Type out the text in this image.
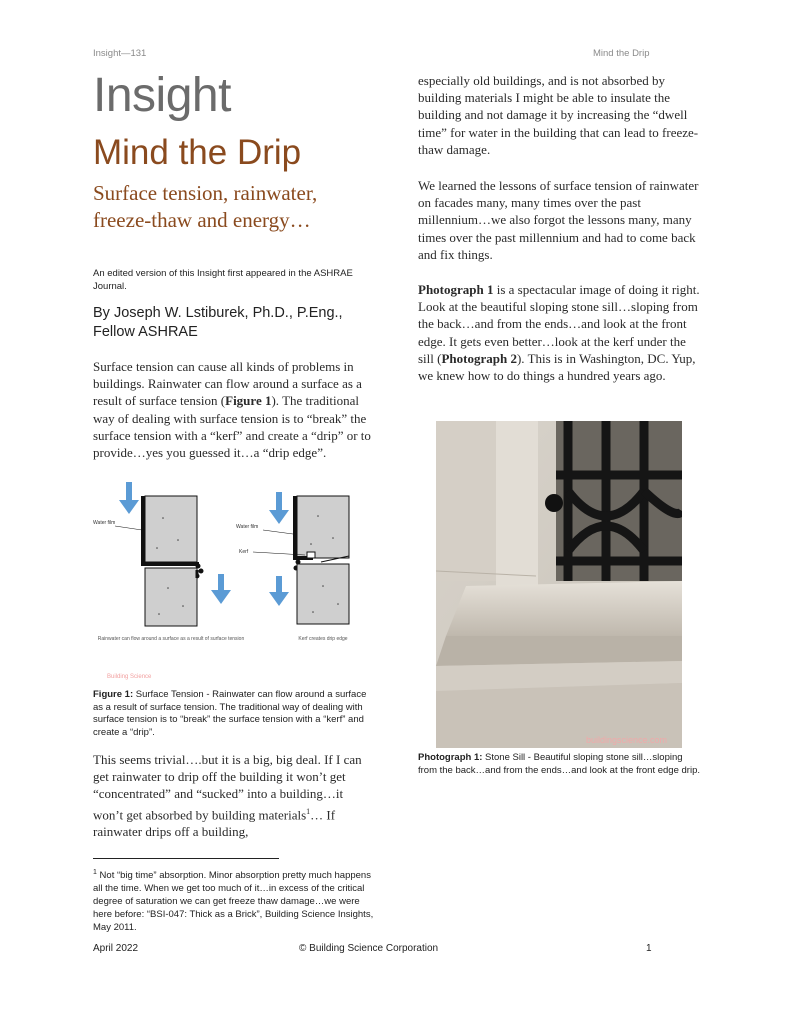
Insight—131	Mind the Drip
Insight
Mind the Drip
Surface tension, rainwater, freeze-thaw and energy…
An edited version of this Insight first appeared in the ASHRAE Journal.
By Joseph W. Lstiburek, Ph.D., P.Eng., Fellow ASHRAE

Surface tension can cause all kinds of problems in buildings. Rainwater can flow around a surface as a result of surface tension (Figure 1). The traditional way of dealing with surface tension is to “break” the surface tension with a “kerf” and create a “drip” or to provide…yes you guessed it…a “drip edge”.

Water film
Water film
Kerf
Rainwater can flow around a surface as a result of surface tension	Kerf creates drip edge
Building Science

Figure 1: Surface Tension - Rainwater can flow around a surface as a result of surface tension. The traditional way of dealing with surface tension is to “break” the surface tension with a “kerf” and create a “drip”.

This seems trivial….but it is a big, big deal. If I can get rainwater to drip off the building it won’t get “concentrated” and “sucked” into a building…it won’t get absorbed by building materials$^1$… If rainwater drips off a building,

$^1$ Not “big time” absorption. Minor absorption pretty much happens all the time. When we get too much of it…in excess of the critical degree of saturation we can get freeze thaw damage…we were here before: “BSI-047: Thick as a Brick”, Building Science Insights, May 2011.

especially old buildings, and is not absorbed by building materials I might be able to insulate the building and not damage it by increasing the “dwell time” for water in the building that can lead to freeze-thaw damage.

We learned the lessons of surface tension of rainwater on facades many, many times over the past millennium…we also forgot the lessons many, many times over the past millennium and had to come back and fix things.

Photograph 1 is a spectacular image of doing it right. Look at the beautiful sloping stone sill…sloping from the back…and from the ends…and look at the front edge. It gets even better…look at the kerf under the sill (Photograph 2). This is in Washington, DC. Yup, we knew how to do things a hundred years ago.

buildingscience.com

Photograph 1: Stone Sill - Beautiful sloping stone sill…sloping from the back…and from the ends…and look at the front edge drip.

April 2022	© Building Science Corporation	1
